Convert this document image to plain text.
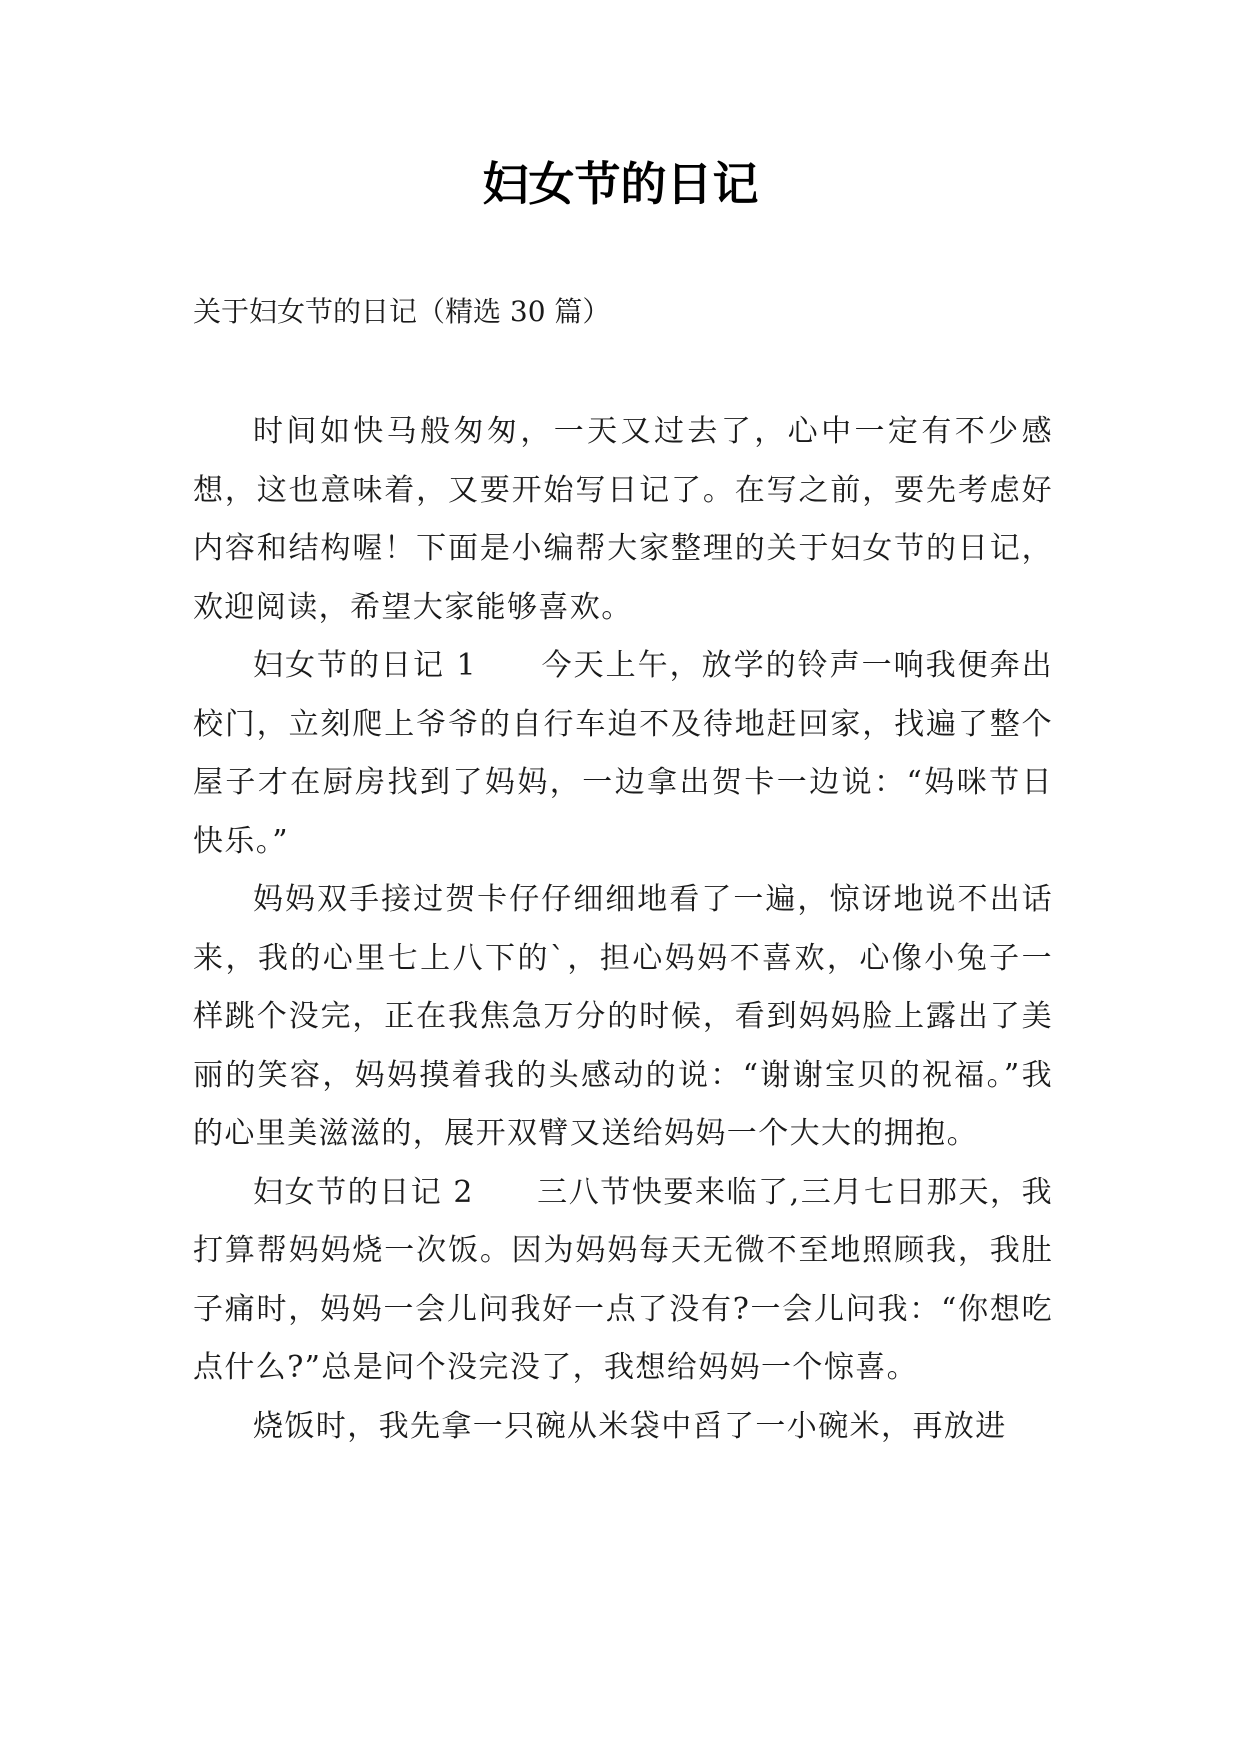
妇女节的日记
关于妇女节的日记（精选 30 篇）

时间如快马般匆匆，一天又过去了，心中一定有不少感想，这也意味着，又要开始写日记了。在写之前，要先考虑好内容和结构喔！下面是小编帮大家整理的关于妇女节的日记，欢迎阅读，希望大家能够喜欢。

妇女节的日记 1　　今天上午，放学的铃声一响我便奔出校门，立刻爬上爷爷的自行车迫不及待地赶回家，找遍了整个屋子才在厨房找到了妈妈，一边拿出贺卡一边说：“妈咪节日快乐。”

妈妈双手接过贺卡仔仔细细地看了一遍，惊讶地说不出话来，我的心里七上八下的`，担心妈妈不喜欢，心像小兔子一样跳个没完，正在我焦急万分的时候，看到妈妈脸上露出了美丽的笑容，妈妈摸着我的头感动的说：“谢谢宝贝的祝福。”我的心里美滋滋的，展开双臂又送给妈妈一个大大的拥抱。

妇女节的日记 2　　三八节快要来临了,三月七日那天，我打算帮妈妈烧一次饭。因为妈妈每天无微不至地照顾我，我肚子痛时，妈妈一会儿问我好一点了没有?一会儿问我：“你想吃点什么?”总是问个没完没了，我想给妈妈一个惊喜。

烧饭时，我先拿一只碗从米袋中舀了一小碗米，再放进
